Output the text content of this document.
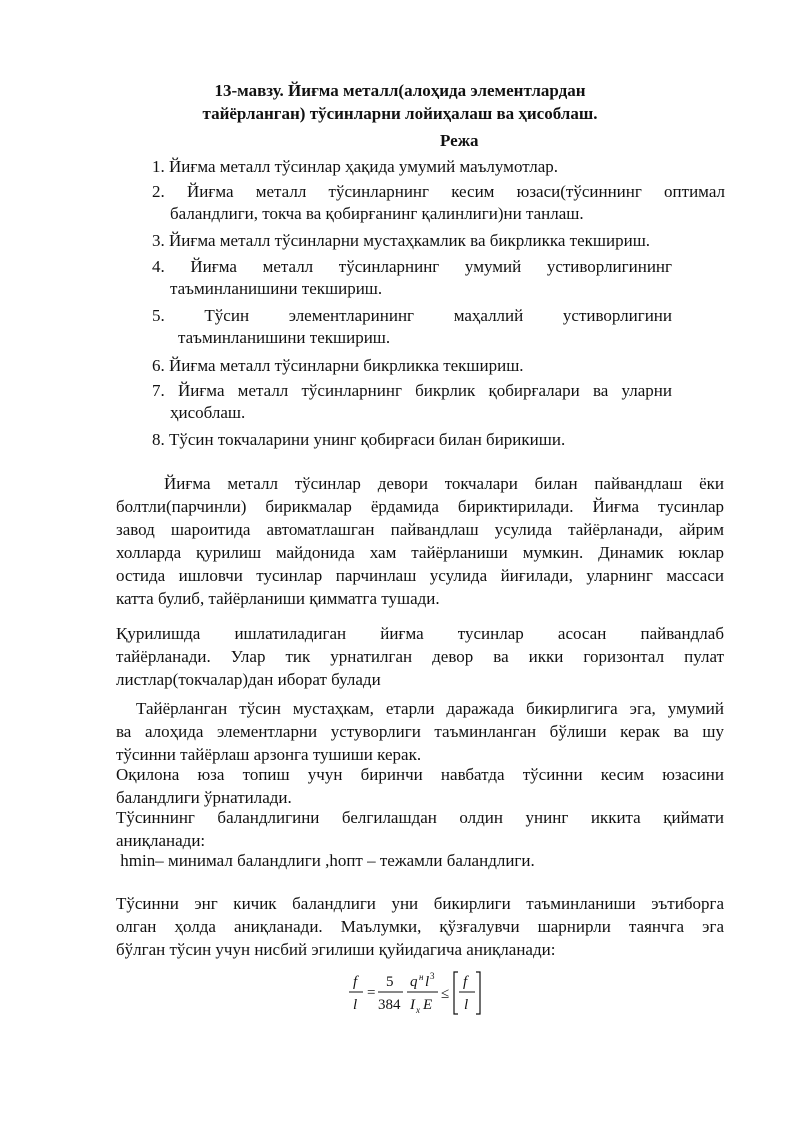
13-мавзу. Йиғма металл(алоҳида элементлардан
тайёрланган) тўсинларни лойиҳалаш ва ҳисоблаш.
Режа
1. Йиғма металл тўсинлар ҳақида умумий маълумотлар.
2. Йиғма металл тўсинларнинг кесим юзаси(тўсиннинг оптимал
баландлиги, токча ва қобирғанинг қалинлиги)ни танлаш.
3. Йиғма металл тўсинларни мустаҳкамлик ва бикрликка текшириш.
4. Йиғма металл тўсинларнинг умумий устиворлигининг
таъминланишини текшириш.
5. Тўсин элементларининг маҳаллий устиворлигини
таъминланишини текшириш.
6. Йиғма металл тўсинларни бикрликка текшириш.
7. Йиғма металл тўсинларнинг бикрлик қобирғалари ва уларни
ҳисоблаш.
8. Тўсин токчаларини унинг қобирғаси билан бирикиши.
Йиғма металл тўсинлар девори токчалари билан пайвандлаш ёки
болтли(парчинли) бирикмалар ёрдамида бириктирилади. Йиғма тусинлар
завод шароитида автоматлашган пайвандлаш усулида тайёрланади, айрим
холларда қурилиш майдонида хам тайёрланиши мумкин. Динамик юклар
остида ишловчи тусинлар парчинлаш усулида йиғилади, уларнинг массаси
катта булиб, тайёрланиши қимматга тушади.
Қурилишда ишлатиладиган йиғма тусинлар асосан пайвандлаб
тайёрланади. Улар тик урнатилган девор ва икки горизонтал пулат
листлар(токчалар)дан иборат булади
Тайёрланган тўсин мустаҳкам, етарли даражада бикирлигига эга, умумий
ва алоҳида элементларни устуворлиги таъминланган бўлиши керак ва шу
тўсинни тайёрлаш арзонга тушиши керак.
Оқилона юза топиш учун биринчи навбатда тўсинни кесим юзасини
баландлиги ўрнатилади.
Тўсиннинг баландлигини белгилашдан олдин унинг иккита қиймати
аниқланади:
hmin– минимал баландлиги ,hопт – тежамли баландлиги.
Тўсинни энг кичик баландлиги уни бикирлиги таъминланиши эътиборга
олган ҳолда аниқланади. Маълумки, қўзғалувчи шарнирли таянчга эга
бўлган тўсин учун нисбий эгилиши қуйидагича аниқланади:
f
l
=
5
384
q н l 3
I x E
≤
f
l
